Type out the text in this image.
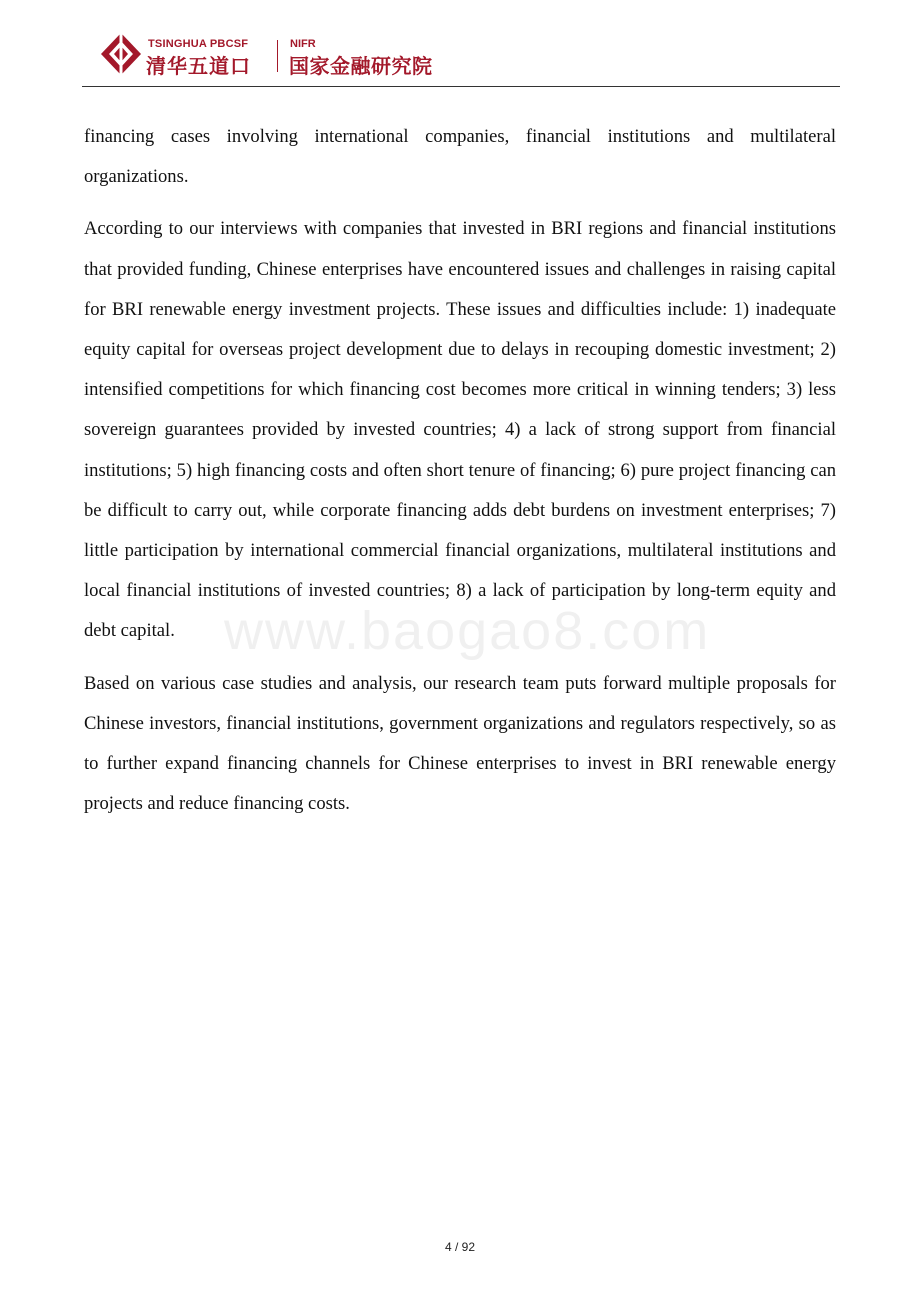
TSINGHUA PBCSF
清华五道口
NIFR
国家金融研究院

financing cases involving international companies, financial institutions and multilateral organizations.

According to our interviews with companies that invested in BRI regions and financial institutions that provided funding, Chinese enterprises have encountered issues and challenges in raising capital for BRI renewable energy investment projects. These issues and difficulties include: 1) inadequate equity capital for overseas project development due to delays in recouping domestic investment; 2) intensified competitions for which financing cost becomes more critical in winning tenders; 3) less sovereign guarantees provided by invested countries; 4) a lack of strong support from financial institutions; 5) high financing costs and often short tenure of financing; 6) pure project financing can be difficult to carry out, while corporate financing adds debt burdens on investment enterprises; 7) little participation by international commercial financial organizations, multilateral institutions and local financial institutions of invested countries; 8) a lack of participation by long-term equity and debt capital.

Based on various case studies and analysis, our research team puts forward multiple proposals for Chinese investors, financial institutions, government organizations and regulators respectively, so as to further expand financing channels for Chinese enterprises to invest in BRI renewable energy projects and reduce financing costs.

www.baogao8.com
4 / 92
